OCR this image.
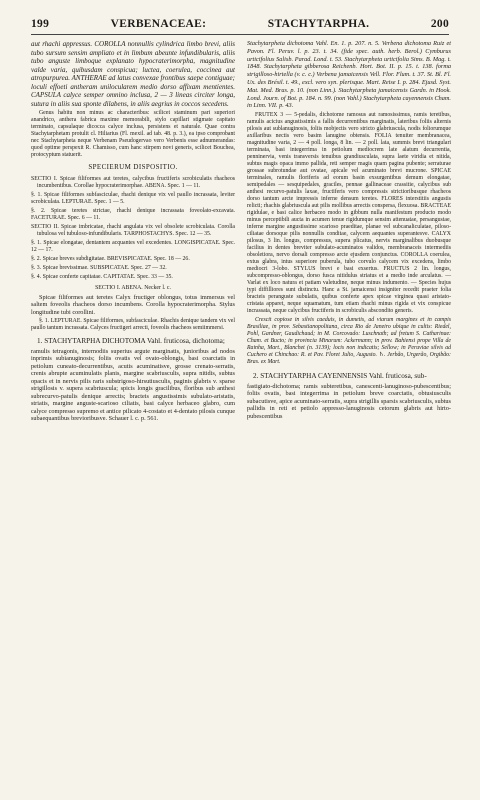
199	VERBENACEAE:	STACHYTARPHA.	200

aut rhachi appressus. COROLLA nonnullis cylindrica limbo brevi, aliis tubo sursum sensim ampliato et in limbum abeunte infundibularis, aliis tubo anguste limboque explanato hypocraterimorpha, magnitudine valde varia, quibusdam conspicua; luctea, coerulea, coccinea aut atropurpurea. ANTHERAE ad latus convexae frontibus saepe contiguae; loculi effoeti antheram unilocularem medio dorso affixam mentientes. CAPSULA calyce semper omnino inclusa, 2 — 3 lineas circiter longa, sutura in aliis sua sponte dilabens, in aliis aegrius in coccos secedens.

Genus habitu non minus ac characteribus: scilicet staminum pari superiori anandrico, anthera fabrica maxime memorabili, stylo capillari stigmate capitato terminato, capsulaque dicocca calyce inclusa, persistens et naturale. Quae contra Stachytarphetam protulit cl. Hiliarius (Fl. mexil. ad tab. 48. p. 3.), ea ipso comprobant nec Stachytarpheta neque Verbenam Pseudogervao vero Verbenis esse adnumerandas: quod optime perspexit R. Chamisso, cum hanc stirpem novi generis, scilicet Bouchea, protocyptum statuerit.

SPECIERUM DISPOSITIO.

SECTIO I. Spicae filiformes aut teretes, calycibus fructiferis scrobiculatis rhachеos incumbentibus. Corollae hypocraterimorphae. ABENA. Spec. 1 — 11.

§. 1. Spicae filiformes subfasciculae, rhachi denique vix vel paullo incrassata, leviter scrobiculata. LEPTURAE. Spec. 1 — 5.

§. 2. Spicae teretes strictae, rhachi denique incrassata foveolato-excavata. FACETURAE. Spec. 6 — 11.

SECTIO II. Spicae imbricatae, rhachi angulata vix vel obsolete scrobiculata. Corolla tubulosa vel tubuloso-infundibularis. TARPHOSTACHYS. Spec. 12 — 35.

§. 1. Spicae elongatae, dentantem acquantes vel excedentes. LONGISPICATAE. Spec. 12 — 17.

§. 2. Spicae breves subdigitatae. BREVISPICATAE. Spec. 18 — 26.

§. 3. Spicae brevissimae. SUBSPICATAE. Spec. 27 — 32.

§. 4. Spicae conferte capitatae. CAPITATAE. Spec. 33 — 35.

SECTIO I. ABENA. Necker l. c.

Spicae filiformes aut teretes Calyx fructiger oblongus, totus immersus vel saltem foveolis rhacheos dorso incumbens. Corolla hypocraterimorpha. Stylus longitudine tubi corollini.

§. 1. LEPTURAE. Spicae filiformes, subfasciculae. Rhachis denique tandem vix vel paullo tantum incrassata. Calyces fructigeri arrecti, foveolis rhacheos semiimmersi.

1. STACHYTARPHA DICHOTOMA Vahl. fruticosa, dichotoma;

ramulis tetragonis, internodiis superius argute marginatis, junioribus ad nodos inprimis subianuginosis; foliis ovatis vel ovato-oblongis, basi coarctatis in petiolum cuneato-decurrentibus, acutis acuminatisve, grosse crenato-serratis, crenis abrupte acuminulatis planis, margine scabriusculis, supra nitidis, subtus opacis et in nervis pilis raris substrigoso-hirsutiusculis, paginis glabris v. sparse strigillosis v. supera scabriuscula; spicis longis gracilibus, floribus sub anthesi subrecurvo-patulis denique arrectis; bracteis angustissimis subulato-aristatis, striatis, margine anguste-scarioso ciliatis, basi calyce herbaceo glabro, cum calyce compresso supremo et antice pilicato 4-costato et 4-dentato pilosis cunque subaequantibus brevioribusve. Schauer l. c. p. 561.

Stachytarpheta dichotoma Vahl. En. 1. p. 207. n. 5. Verbena dichotoma Ruiz et Pavon. Fl. Peruv. l. p. 23. t. 34. (fide spec. auth. herb. Berol.) Cymburus urticifolius Salisb. Parad. Lond. t. 53. Stachytarpheta urticifolia Sims. B. Mag. t. 1848. Stachytarpheta gibberosa Reichenb. Hort. Bot. II. p. 15. t. 138. forma strigilloso-hirtella (v. c. c.) Verbena jamaicensis Vell. Flor. Flum. t. 37. St. Bl. Fl. Ux. des Brésil. t. 49., excl. vero syn. plerisque. Mart. Reise I. p. 284. Ejusd. Syst. Mat. Med. Bras. p. 10. (non Linn.). Stachytarpheta jamaicensis Gardn. in Hook. Lond. Journ. of Bot. p. 184. n. 99. (non Vahl.) Stachytarpheta cayennensis Cham. in Linn. VII. p. 43.

FRUTEX 3 — 5-pedalis, dichotome ramosus aut ramosissimus, ramis teretibus, ramulis acicius angustissimis a fallis decurrentibus marginatis, lateribus foliis alternis pilosis aut sublanuginosis, foliis mobjectis vero stricto glabriuscula, nodis foliorumque axillaribus nectis vero basim lanugine obtensis. FOLIA tenuiter membranacea, magnitudine varia, 2 — 4 poll. longa, 8 lin. — 2 poll. lata, summis brevi triangulari terminata, basi integerrima in petiolum mediocrem late alatum decurrentia, penninervia, venis transversis tenuibus grandiusculata, supra laete viridia et nitida, subtus magis opaca immo pallida, reti semper magis quam pagina pubente; serraturae grossae subrotundae aut ovatae, apicale vel acuminato brevi mucrone. SPICAE terminales, ramulis floriferis ad eorum basin exsurgentibus demum elongatae, semipedales — sesquipedales, graciles, pennae gallinaceae crassitie, calycibus sub anthesi recurvo-patulis laxae, fructiferis vero compressis strictioribusque rhacheos dorso tantum arcte impressis inferne densum teretes. FLORES interstitiis angustis relicti; rhachis glabriuscula aut pilis mollibus arrectis conspersa, flexuosa. BRACTEAE rigidulae, e basi calice herbaceo modo in gibbum nulla manifestum producto modo minus perceptibili aucta in acumen tenue rigidumque sensim attenuatae, persangustae, inferne margine angustissime scarioso praeditae, planae vel subcanaliculatae, piloso-ciliatae dorsoque pilis nonnullis conditae, calycem aequantes superantesve. CALYX pilosus, 3 lin. longus, compressus, supera plicatus, nervis marginalibus duobusque facilius in dentes breviter subulato-acuminatos validos, membranaceis intermediis obsoletiora, nervo dorsali compresso arcte ejusdem conjunctus. COROLLA coerulea, extus glabra, intus superiore puberula, tubo corvulo calycem vix excedens, limbo mediocri 3-lobo. STYLUS brevi e basi exsertus. FRUCTUS 2 lin. longus, subcompresso-oblongus, dorso fusca nitidulus striatus et a medio inde arculatus. — Varlat ex loco natura et patiam valetudine, neque minus indumento. — Species hujus typi diffilliores sunt distinctu. Hanc a St. jamaicensi insigniter recedit praeter folia bracteis peranguste subulatis, quibus conferte apex spicae virginea quasi aristato-cristata apparet, neque squamatum, tum etiam rhachi minus rigida et vix conspicue incrassata, neque calycibus fructiferis in scrobiculis abscondito generis.

Crescit copiose in silvis caeduis, in dumetis, ad viarum margines et in campis Brasiliae, in prov. Sebastianopolitana, circa Rio de Janeiro ubique in cultis: Riedel, Pohl, Gardner, Gaudichaud; in M. Corcovado: Luschnath; ad fretum S. Catharinae: Cham. et Bucto; in provincia Minarum: Ackermann; in prov. Bahiensi prope Villa de Rainha, Mart., Blanchet (n. 3139); locis non indicatis; Sellow; in Peruviae silvis ad Cuchero et Chinchao: R. et Pav. Floret Julio, Augusto. ♄. Jerbão, Urgerão, Orgibão: Bras. ex Mart.

2. STACHYTARPHA CAYENNENSIS Vahl. fruticosa, sub-

fastigiato-dichotoma; ramis subteretibus, canescenti-lanuginoso-pubescentibus; foliis ovatis, basi integerrima in petiolum breve coarctatis, obtusiusculis subacutisve, apice acuminato-serratis, supra strigillis sparsis scabriusculis, subtus pallidis in reti et petiolo appresso-lanuginosis cetorum glabris aut hirto-pubescentibus
